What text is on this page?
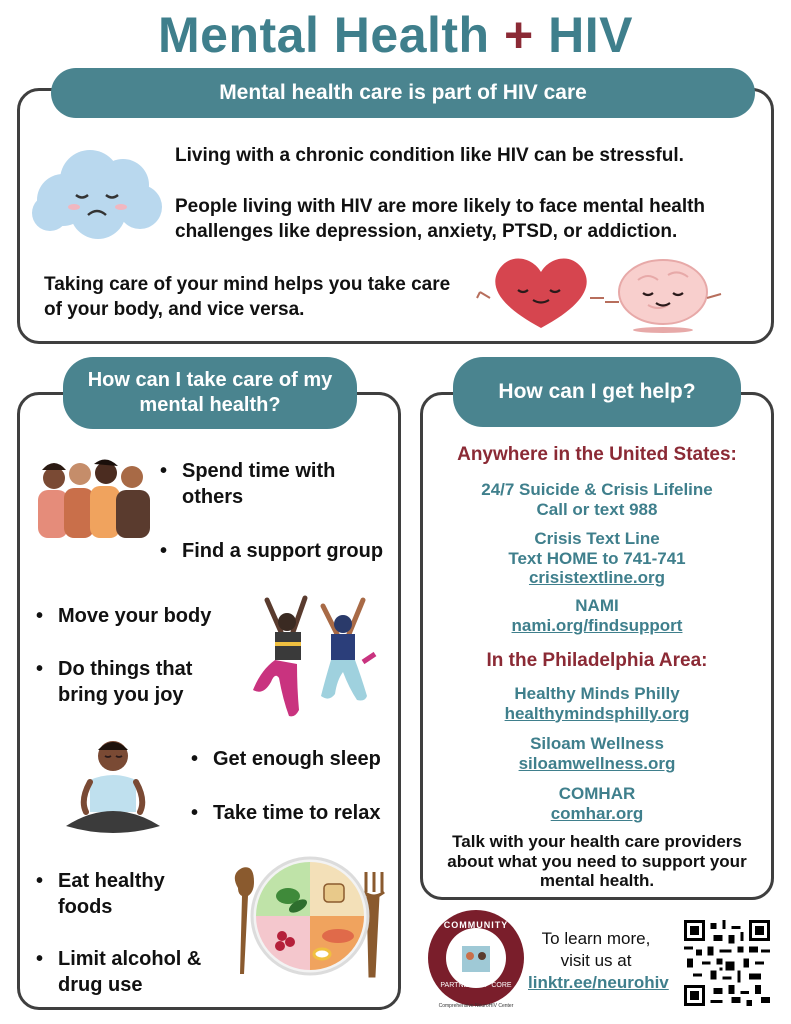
Mental Health + HIV
Mental health care is part of HIV care
Living with a chronic condition like HIV can be stressful.
People living with HIV are more likely to face mental health challenges like depression, anxiety, PTSD, or addiction.
Taking care of your mind helps you take care of your body, and vice versa.
How can I take care of my mental health?
• Spend time with others
• Find a support group
• Move your body
• Do things that bring you joy
• Get enough sleep
• Take time to relax
• Eat healthy foods
• Limit alcohol & drug use
How can I get help?
Anywhere in the United States:
24/7 Suicide & Crisis Lifeline
Call or text 988
Crisis Text Line
Text HOME to 741-741
crisistextline.org
NAMI
nami.org/findsupport
In the Philadelphia Area:
Healthy Minds Philly
healthymindsphilly.org
Siloam Wellness
siloamwellness.org
COMHAR
comhar.org
Talk with your health care providers about what you need to support your mental health.
COMMUNITY
PARTNERSHIP CORE
Comprehensive NeuroHIV Center
To learn more,
visit us at
linktr.ee/neurohiv
